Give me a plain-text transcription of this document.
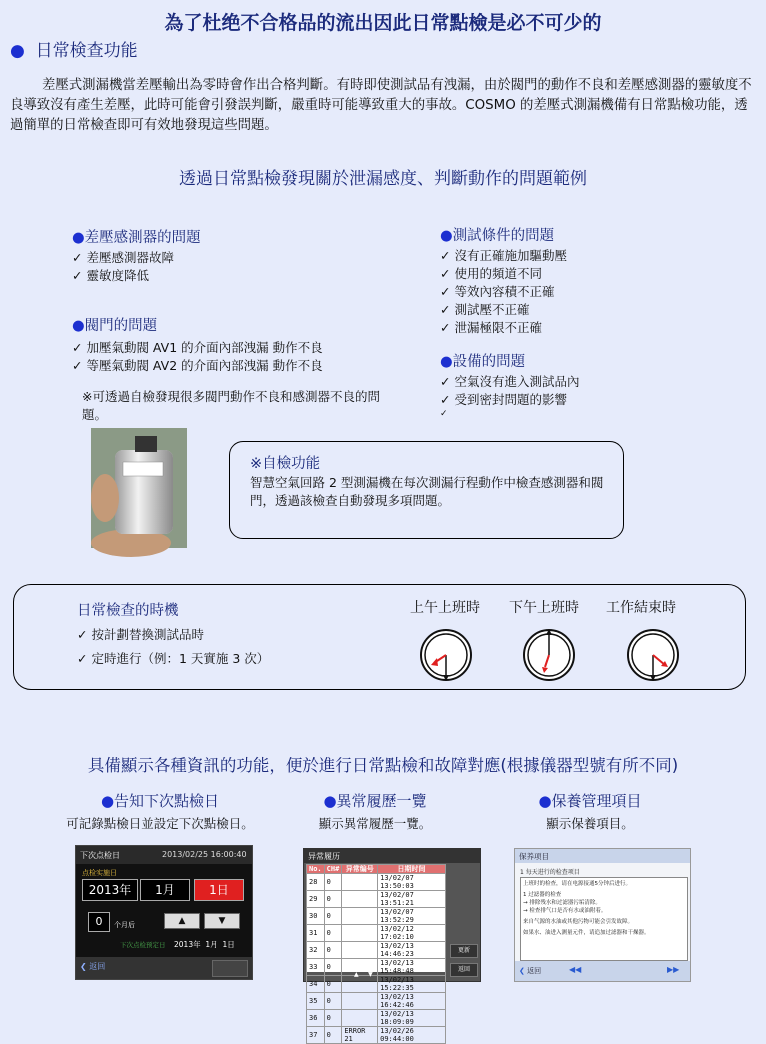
為了杜绝不合格品的流出因此日常點檢是必不可少的
● 日常検查功能
差壓式測漏機當差壓輸出為零時會作出合格判斷。有時即使測試品有洩漏，由於閥門的動作不良和差壓感測器的靈敏度不良導致沒有產生差壓，此時可能會引發誤判斷，嚴重時可能導致重大的事故。COSMO 的差壓式測漏機備有日常點檢功能，透過簡單的日常檢查即可有效地發現這些問題。
透過日常點檢發現關於泄漏感度、判斷動作的問題範例
●差壓感測器的問題
✓ 差壓感測器故障
✓ 靈敏度降低
●閥門的問題
✓ 加壓氣動閥 AV1 的介面內部洩漏 動作不良
✓ 等壓氣動閥 AV2 的介面內部洩漏 動作不良
※可透過自檢發現很多閥門動作不良和感測器不良的問題。
●測試條件的問題
✓ 沒有正確施加驅動壓
✓ 使用的頻道不同
✓ 等效內容積不正確
✓ 測試壓不正確
✓ 泄漏極限不正確
●設備的問題
✓ 空氣沒有進入測試品內
✓ 受到密封問題的影響
✓
※自檢功能
智慧空氣回路 2 型測漏機在每次測漏行程動作中檢查感測器和閥門，透過該檢查自動發現多項問題。
日常檢查的時機
✓ 按計劃替換測試品時
✓ 定時進行（例：1 天實施 3 次）
上午上班時	下午上班時	工作結束時
具備顯示各種資訊的功能，便於進行日常點檢和故障對應(根據儀器型號有所不同)
●告知下次點檢日
可記錄點檢日並設定下次點檢日。
●異常履歷一覽
顯示異常履歷一覽。
●保養管理項目
顯示保養項目。
下次点检日	2013/02/25 16:00:40
点检实施日
2013年	1月	1日
0	个月后	▲	▼
下次点检预定日 2013年 1月 1日
❮ 返回
异常履历
No.	CH#	异常编号	日期时间
28	0		13/02/07 13:50:03
29	0		13/02/07 13:51:21
30	0		13/02/07 13:52:29
31	0		13/02/12 17:02:10
32	0		13/02/13 14:46:23
33	0		13/02/13 15:48:48
34	0		13/02/13 15:22:35
35	0		13/02/13 16:42:46
36	0		13/02/13 18:09:09
37	0	ERROR 21	13/02/26 09:44:00
更新
返回
▲ ▼
保养项目
1 每天进行的检查项目
上班时的检查，请在电源接通5分钟后进行。
1 过滤器的检查
→ 排除残水和过滤器污垢清除。
→ 检查排气口是否有水或油附着。
来自气源的水油或其他污物可能会引发故障。
如果水、油进入测量元件，请追加过滤器和干燥器。
❮ 返回	◀◀	▶▶
